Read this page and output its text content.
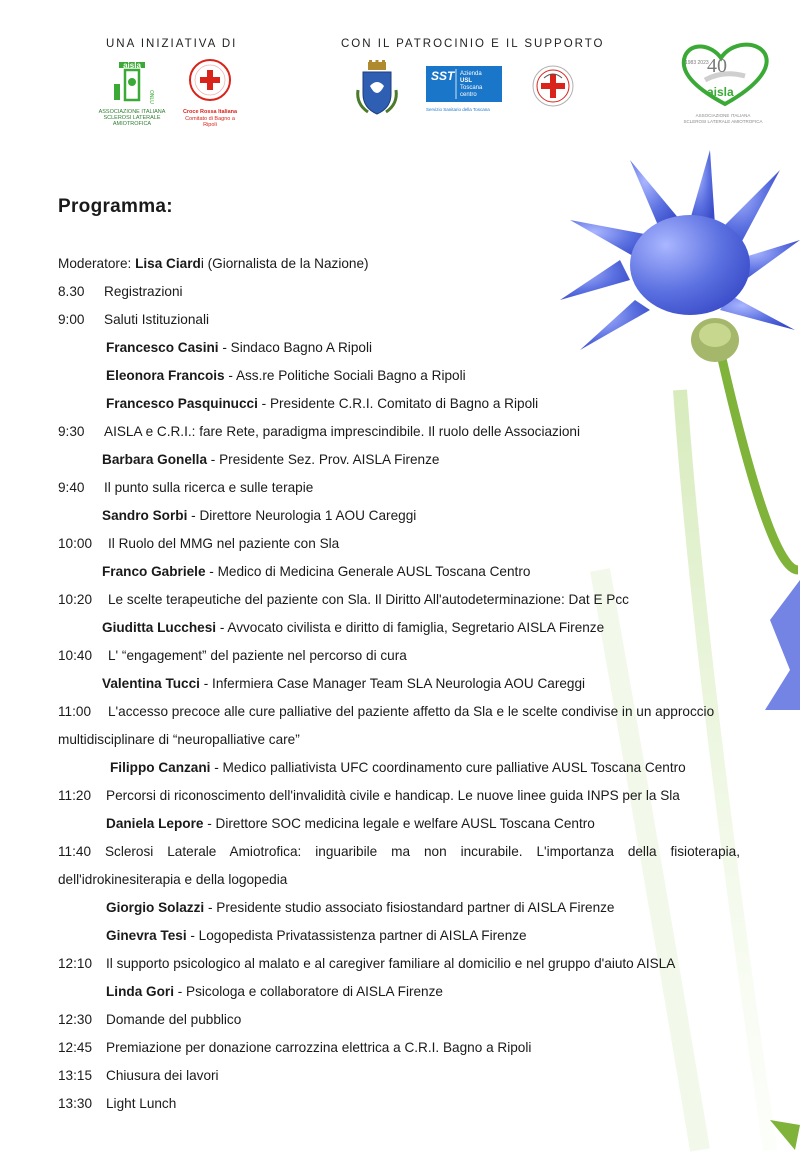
UNA INIZIATIVA DI	CON IL PATROCINIO E IL SUPPORTO
aisla
ONLUS
ASSOCIAZIONE ITALIANA
SCLEROSI LATERALE AMIOTROFICA
Croce Rossa Italiana
Comitato di Bagno a Ripoli
SST Azienda
USL
Toscana
centro
Servizio Sanitario della Toscana
40
1983 2023
aisla
ASSOCIAZIONE ITALIANA
SCLEROSI LATERALE AMIOTROFICA
Programma:
Moderatore: Lisa Ciardi (Giornalista de la Nazione)
8.30 Registrazioni
9:00 Saluti Istituzionali
Francesco Casini - Sindaco Bagno A Ripoli
Eleonora Francois - Ass.re Politiche Sociali Bagno a Ripoli
Francesco Pasquinucci - Presidente C.R.I. Comitato di Bagno a Ripoli
9:30 AISLA e C.R.I.: fare Rete, paradigma imprescindibile. Il ruolo delle Associazioni
Barbara Gonella - Presidente Sez. Prov. AISLA Firenze
9:40 Il punto sulla ricerca e sulle terapie
Sandro Sorbi - Direttore Neurologia 1 AOU Careggi
10:00 Il Ruolo del MMG nel paziente con Sla
Franco Gabriele - Medico di Medicina Generale AUSL Toscana Centro
10:20 Le scelte terapeutiche del paziente con Sla. Il Diritto All'autodeterminazione: Dat E Pcc
Giuditta Lucchesi - Avvocato civilista e diritto di famiglia, Segretario AISLA Firenze
10:40 L' “engagement” del paziente nel percorso di cura
Valentina Tucci - Infermiera Case Manager Team SLA Neurologia AOU Careggi
11:00 L'accesso precoce alle cure palliative del paziente affetto da Sla e le scelte condivise in un approccio
multidisciplinare di “neuropalliative care”
Filippo Canzani - Medico palliativista UFC coordinamento cure palliative AUSL Toscana Centro
11:20 Percorsi di riconoscimento dell'invalidità civile e handicap. Le nuove linee guida INPS per la Sla
Daniela Lepore - Direttore SOC medicina legale e welfare AUSL Toscana Centro
11:40 Sclerosi Laterale Amiotrofica: inguaribile ma non incurabile. L'importanza della fisioterapia,
dell'idrokinesiterapia e della logopedia
Giorgio Solazzi - Presidente studio associato fisiostandard partner di AISLA Firenze
Ginevra Tesi - Logopedista Privatassistenza partner di AISLA Firenze
12:10 Il supporto psicologico al malato e al caregiver familiare al domicilio e nel gruppo d'aiuto AISLA
Linda Gori - Psicologa e collaboratore di AISLA Firenze
12:30 Domande del pubblico
12:45 Premiazione per donazione carrozzina elettrica a C.R.I. Bagno a Ripoli
13:15 Chiusura dei lavori
13:30 Light Lunch
